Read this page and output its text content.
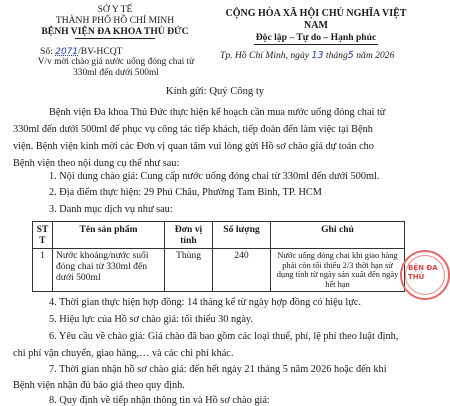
SỞ Y TẾ
THÀNH PHỐ HỒ CHÍ MINH
BỆNH VIỆN ĐA KHOA THỦ ĐỨC
CỘNG HÒA XÃ HỘI CHỦ NGHĨA VIỆT NAM
Độc lập – Tự do – Hạnh phúc
Số: 2071/BV-HCQT
V/v mời chào giá nước uống đóng chai từ
330ml đến dưới 500ml
Tp. Hồ Chí Minh, ngày 13 tháng5 năm 2026
Kính gửi: Quý Công ty
Bệnh viện Đa khoa Thủ Đức thực hiện kế hoạch cần mua nước uống đóng chai từ
330ml đến dưới 500ml để phục vụ công tác tiếp khách, tiếp đoàn đến làm việc tại Bệnh
viện. Bệnh viện kính mời các Đơn vị quan tâm vui lòng gửi Hồ sơ chào giá dự toán cho
Bệnh viện theo nội dung cụ thể như sau:
1. Nội dung chào giá: Cung cấp nước uống đóng chai từ 330ml đến dưới 500ml.
2. Địa điểm thực hiện: 29 Phú Châu, Phường Tam Bình, TP. HCM
3. Danh mục dịch vụ như sau:
ST T	Tên sản phẩm	Đơn vị tính	Số lượng	Ghi chú
1	Nước khoáng/nước suối đóng chai từ 330ml đến dưới 500ml	Thùng	240	Nước uống đóng chai khi giao hàng phải còn tối thiểu 2/3 thời hạn sử dụng tính từ ngày sản xuất đến ngày hết hạn
4. Thời gian thực hiện hợp đồng: 14 tháng kể từ ngày hợp đồng có hiệu lực.
5. Hiệu lực của Hồ sơ chào giá: tối thiểu 30 ngày.
6. Yêu cầu về chào giá: Giá chào đã bao gồm các loại thuế, phí, lệ phí theo luật định,
chi phí vận chuyển, giao hàng,… và các chi phí khác.
7. Thời gian nhận hồ sơ chào giá: đến hết ngày 21 tháng 5 năm 2026 hoặc đến khi
Bệnh viện nhận đủ báo giá theo quy định.
8. Quy định về tiếp nhận thông tin và Hồ sơ chào giá:
BỆN ĐA THỦ
